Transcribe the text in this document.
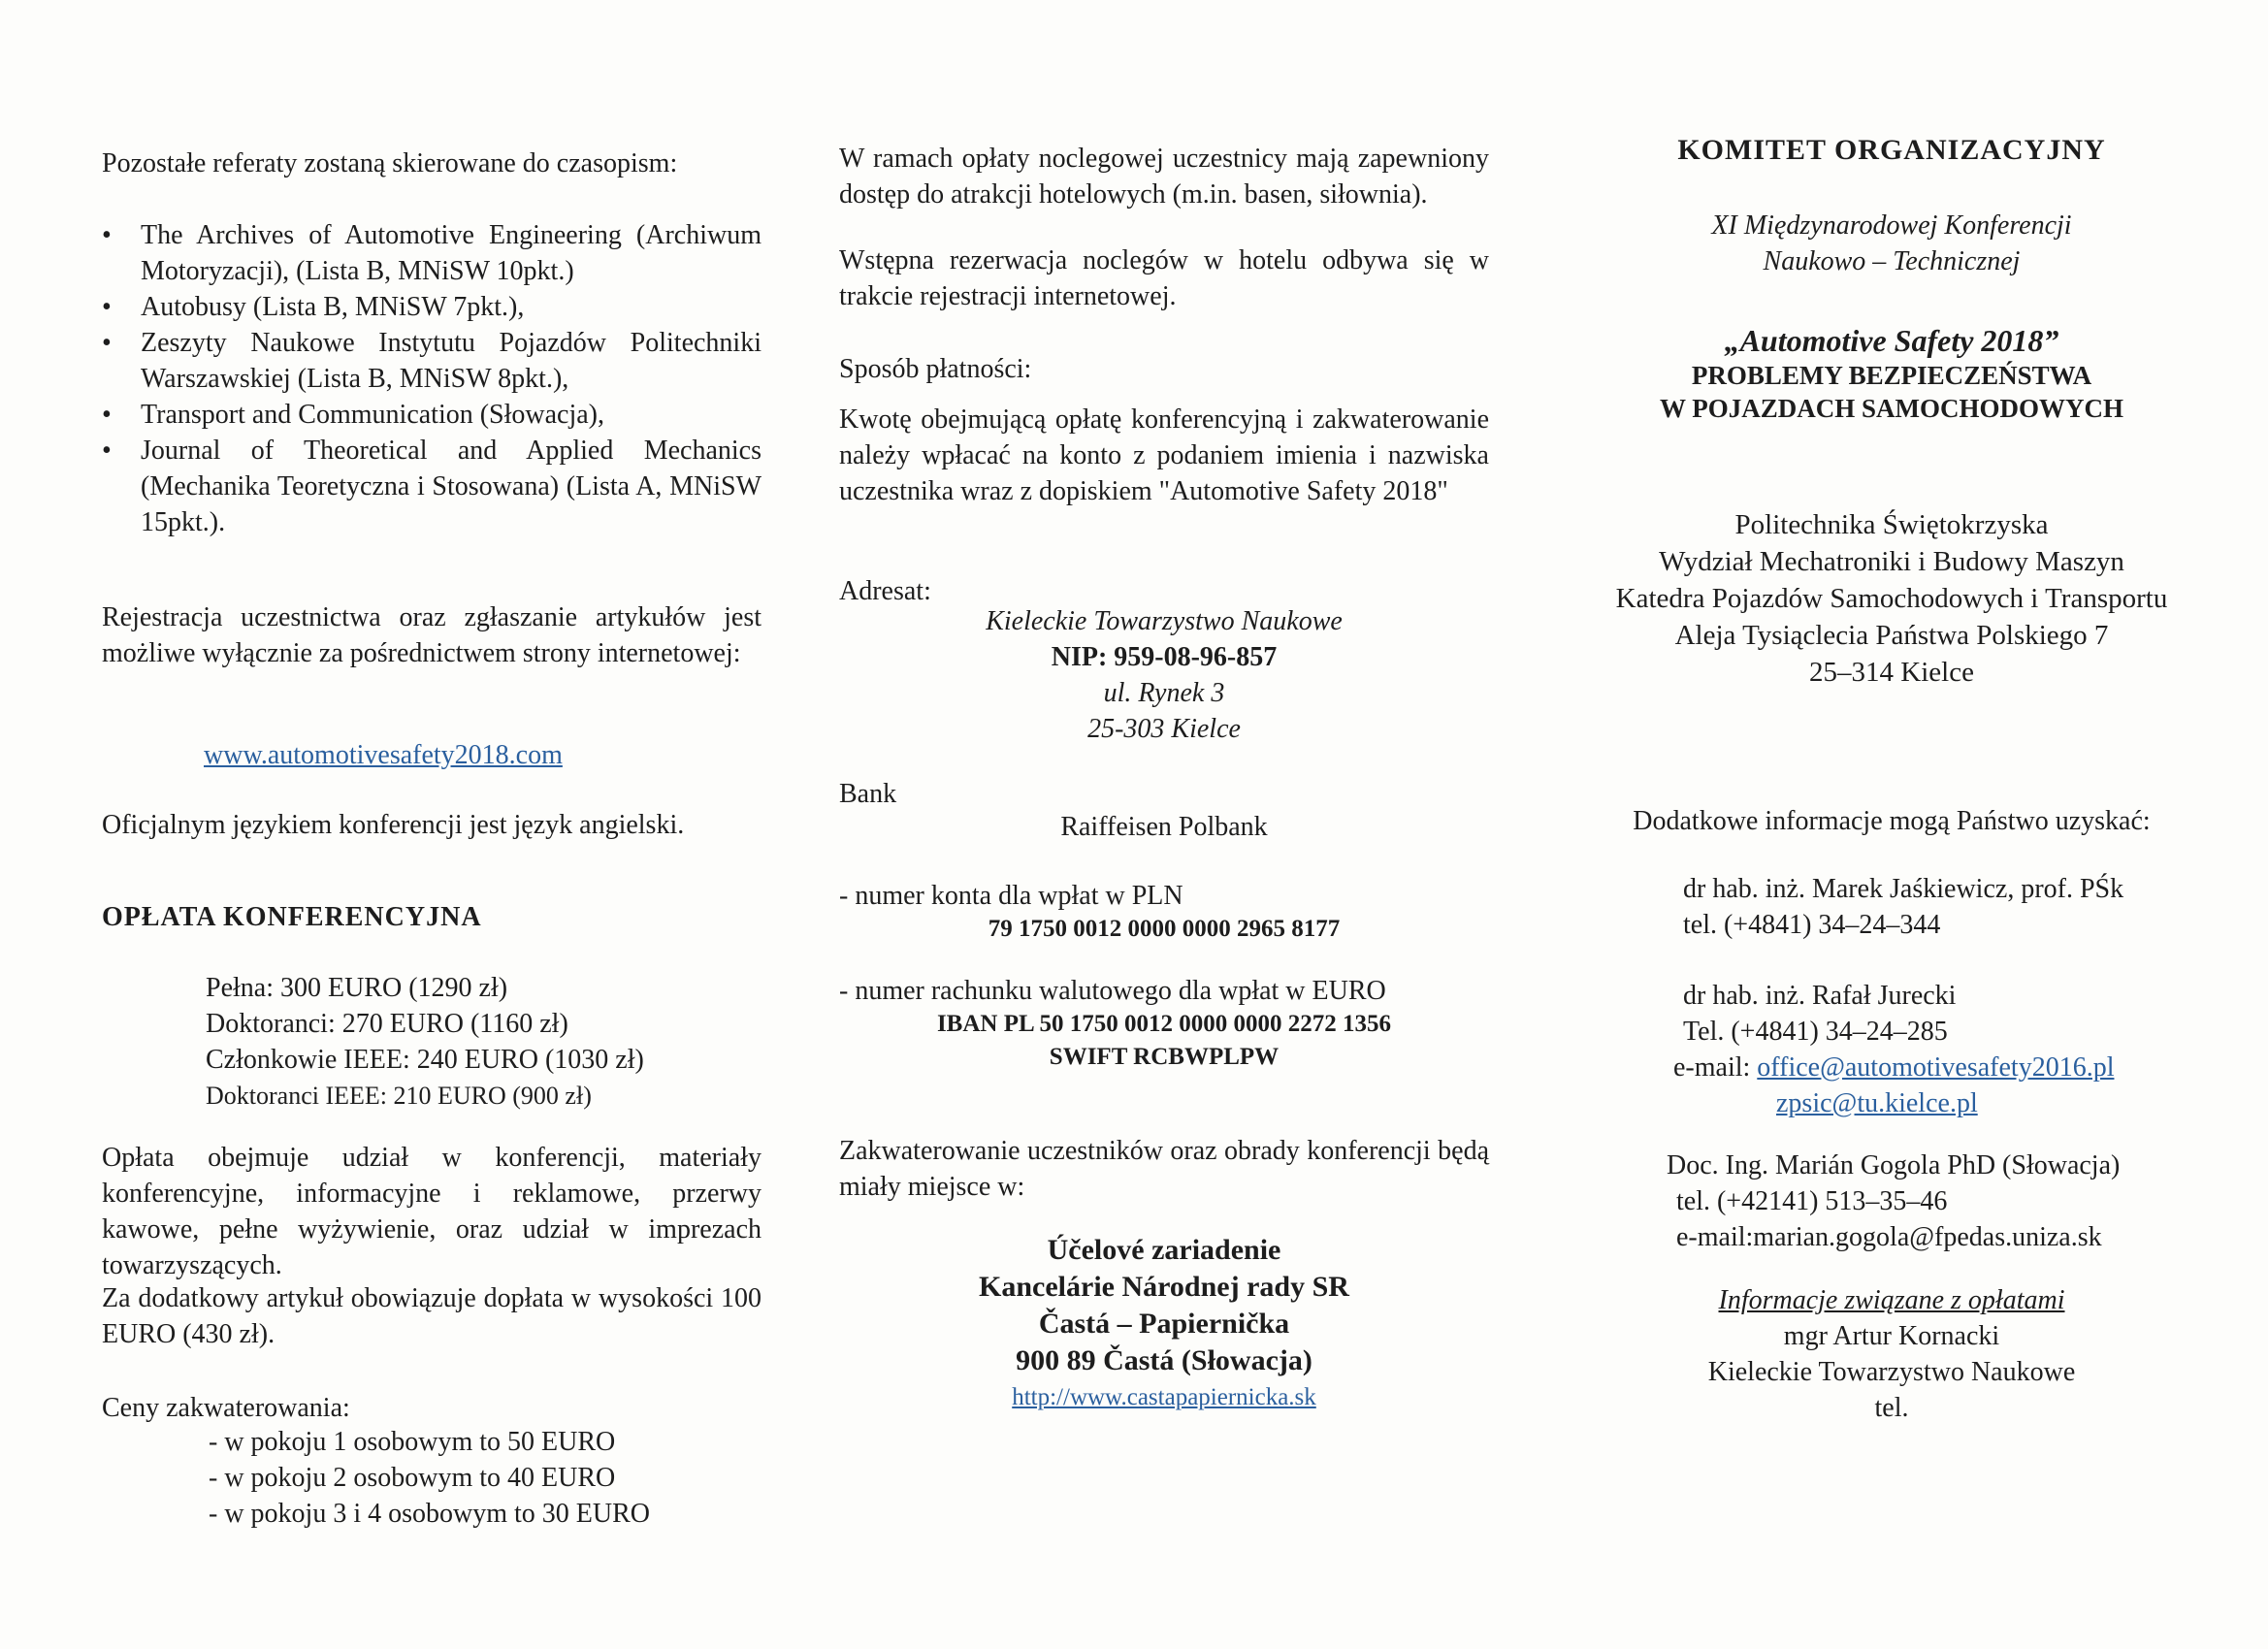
Pozostałe referaty zostaną skierowane do czasopism:
• The Archives of Automotive Engineering (Archiwum Motoryzacji), (Lista B, MNiSW 10pkt.)
• Autobusy (Lista B, MNiSW 7pkt.),
• Zeszyty Naukowe Instytutu Pojazdów Politechniki Warszawskiej (Lista B, MNiSW 8pkt.),
• Transport and Communication (Słowacja),
• Journal of Theoretical and Applied Mechanics (Mechanika Teoretyczna i Stosowana) (Lista A, MNiSW 15pkt.).
Rejestracja uczestnictwa oraz zgłaszanie artykułów jest możliwe wyłącznie za pośrednictwem strony internetowej:
www.automotivesafety2018.com
Oficjalnym językiem konferencji jest język angielski.
OPŁATA KONFERENCYJNA
Pełna: 300 EURO (1290 zł)
Doktoranci: 270 EURO (1160 zł)
Członkowie IEEE: 240 EURO (1030 zł)
Doktoranci IEEE: 210 EURO (900 zł)
Opłata obejmuje udział w konferencji, materiały konferencyjne, informacyjne i reklamowe, przerwy kawowe, pełne wyżywienie, oraz udział w imprezach towarzyszących.
Za dodatkowy artykuł obowiązuje dopłata w wysokości 100 EURO (430 zł).
Ceny zakwaterowania:
- w pokoju 1 osobowym to 50 EURO
- w pokoju 2 osobowym to 40 EURO
- w pokoju 3 i 4 osobowym to 30 EURO
W ramach opłaty noclegowej uczestnicy mają zapewniony dostęp do atrakcji hotelowych (m.in. basen, siłownia).
Wstępna rezerwacja noclegów w hotelu odbywa się w trakcie rejestracji internetowej.
Sposób płatności:
Kwotę obejmującą opłatę konferencyjną i zakwaterowanie należy wpłacać na konto z podaniem imienia i nazwiska uczestnika wraz z dopiskiem "Automotive Safety 2018"
Adresat:
Kieleckie Towarzystwo Naukowe
NIP: 959-08-96-857
ul. Rynek 3
25-303 Kielce
Bank
Raiffeisen Polbank
- numer konta dla wpłat w PLN
79 1750 0012 0000 0000 2965 8177
- numer rachunku walutowego dla wpłat w EURO
IBAN PL 50 1750 0012 0000 0000 2272 1356
SWIFT RCBWPLPW
Zakwaterowanie uczestników oraz obrady konferencji będą miały miejsce w:
Účelové zariadenie
Kancelárie Národnej rady SR
Častá – Papiernička
900 89 Častá (Słowacja)
http://www.castapapiernicka.sk
KOMITET ORGANIZACYJNY
XI Międzynarodowej Konferencji
Naukowo – Technicznej
„Automotive Safety 2018”
PROBLEMY BEZPIECZEŃSTWA
W POJAZDACH SAMOCHODOWYCH
Politechnika Świętokrzyska
Wydział Mechatroniki i Budowy Maszyn
Katedra Pojazdów Samochodowych i Transportu
Aleja Tysiąclecia Państwa Polskiego 7
25–314 Kielce
Dodatkowe informacje mogą Państwo uzyskać:
dr hab. inż. Marek Jaśkiewicz, prof. PŚk
tel. (+4841) 34–24–344
dr hab. inż. Rafał Jurecki
Tel. (+4841) 34–24–285
e-mail: office@automotivesafety2016.pl
zpsic@tu.kielce.pl
Doc. Ing. Marián Gogola PhD (Słowacja)
tel. (+42141) 513–35–46
e-mail:marian.gogola@fpedas.uniza.sk
Informacje związane z opłatami
mgr Artur Kornacki
Kieleckie Towarzystwo Naukowe
tel.
